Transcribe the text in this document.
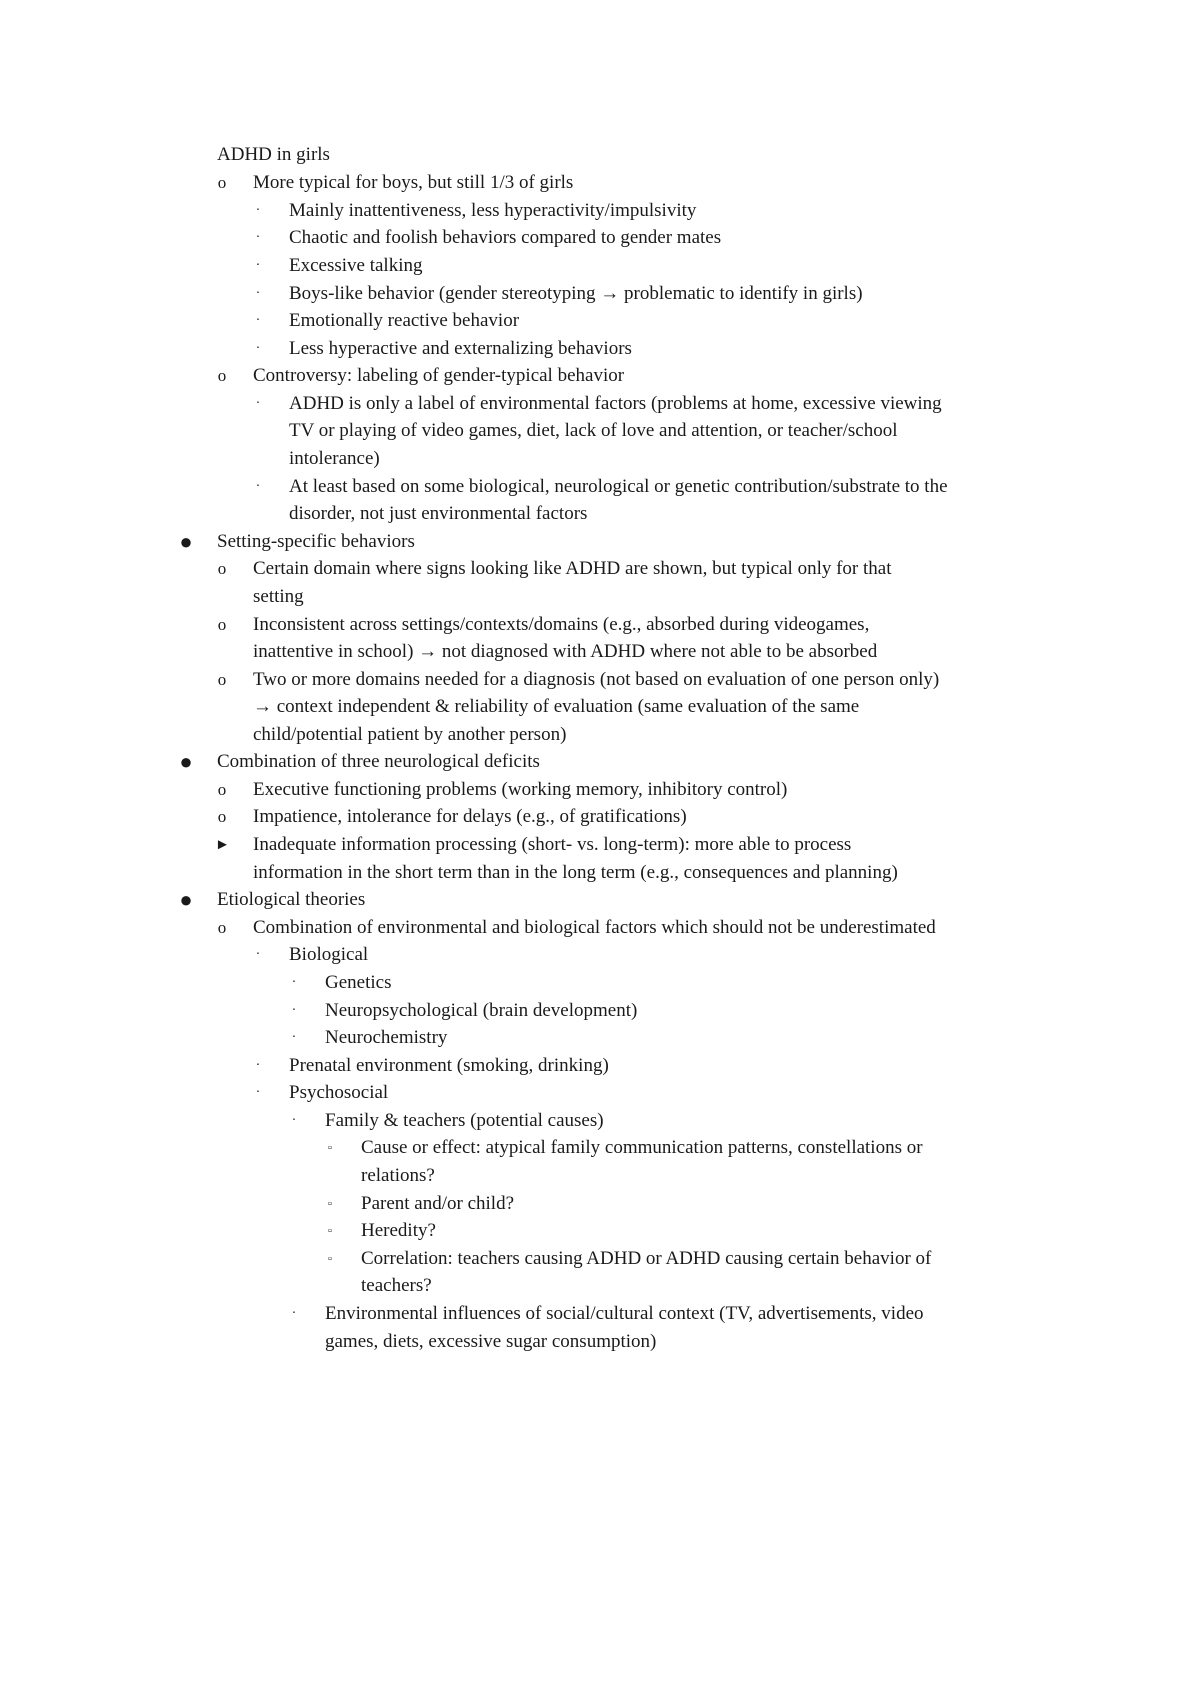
ADHD in girls
o More typical for boys, but still 1/3 of girls
· Mainly inattentiveness, less hyperactivity/impulsivity
· Chaotic and foolish behaviors compared to gender mates
· Excessive talking
· Boys-like behavior (gender stereotyping → problematic to identify in girls)
· Emotionally reactive behavior
· Less hyperactive and externalizing behaviors
o Controversy: labeling of gender-typical behavior
· ADHD is only a label of environmental factors (problems at home, excessive viewing
TV or playing of video games, diet, lack of love and attention, or teacher/school
intolerance)
· At least based on some biological, neurological or genetic contribution/substrate to the
disorder, not just environmental factors
● Setting-specific behaviors
o Certain domain where signs looking like ADHD are shown, but typical only for that
setting
o Inconsistent across settings/contexts/domains (e.g., absorbed during videogames,
inattentive in school) → not diagnosed with ADHD where not able to be absorbed
o Two or more domains needed for a diagnosis (not based on evaluation of one person only)
→ context independent & reliability of evaluation (same evaluation of the same
child/potential patient by another person)
● Combination of three neurological deficits
o Executive functioning problems (working memory, inhibitory control)
o Impatience, intolerance for delays (e.g., of gratifications)
► Inadequate information processing (short- vs. long-term): more able to process
information in the short term than in the long term (e.g., consequences and planning)
● Etiological theories
o Combination of environmental and biological factors which should not be underestimated
· Biological
· Genetics
· Neuropsychological (brain development)
· Neurochemistry
· Prenatal environment (smoking, drinking)
· Psychosocial
· Family & teachers (potential causes)
▫ Cause or effect: atypical family communication patterns, constellations or
relations?
▫ Parent and/or child?
▫ Heredity?
▫ Correlation: teachers causing ADHD or ADHD causing certain behavior of
teachers?
· Environmental influences of social/cultural context (TV, advertisements, video
games, diets, excessive sugar consumption)
